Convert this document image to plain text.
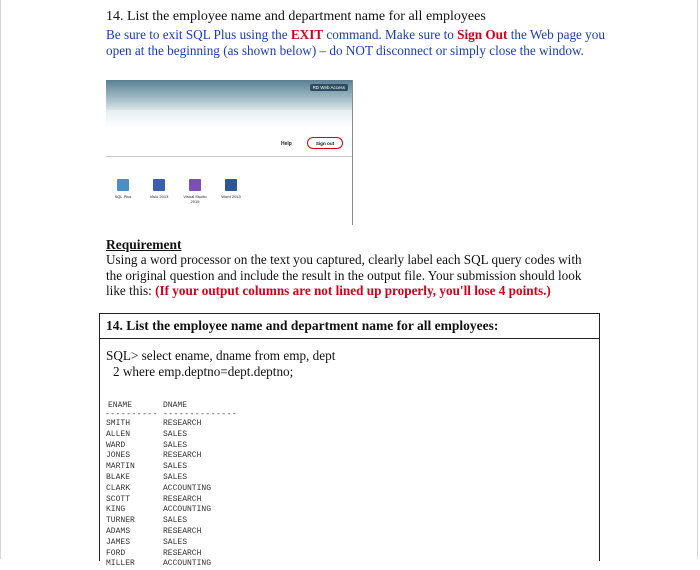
14. List the employee name and department name for all employees
Be sure to exit SQL Plus using the EXIT command. Make sure to Sign Out the Web page you open at the beginning (as shown below) – do NOT disconnect or simply close the window.
RD Web Access
Help	Sign out
SQL Plus	Visio 2013	Visual Studio 2015
Word 2013
Requirement
Using a word processor on the text you captured, clearly label each SQL query codes with the original question and include the result in the output file. Your submission should look like this: (If your output columns are not lined up properly, you'll lose 4 points.)
14. List the employee name and department name for all employees:
SQL> select ename, dname from emp, dept
2 where emp.deptno=dept.deptno;
ENAME	DNAME
---------- --------------
SMITH	RESEARCH
ALLEN	SALES
WARD	SALES
JONES	RESEARCH
MARTIN	SALES
BLAKE	SALES
CLARK	ACCOUNTING
SCOTT	RESEARCH
KING	ACCOUNTING
TURNER	SALES
ADAMS	RESEARCH
JAMES	SALES
FORD	RESEARCH
MILLER	ACCOUNTING
